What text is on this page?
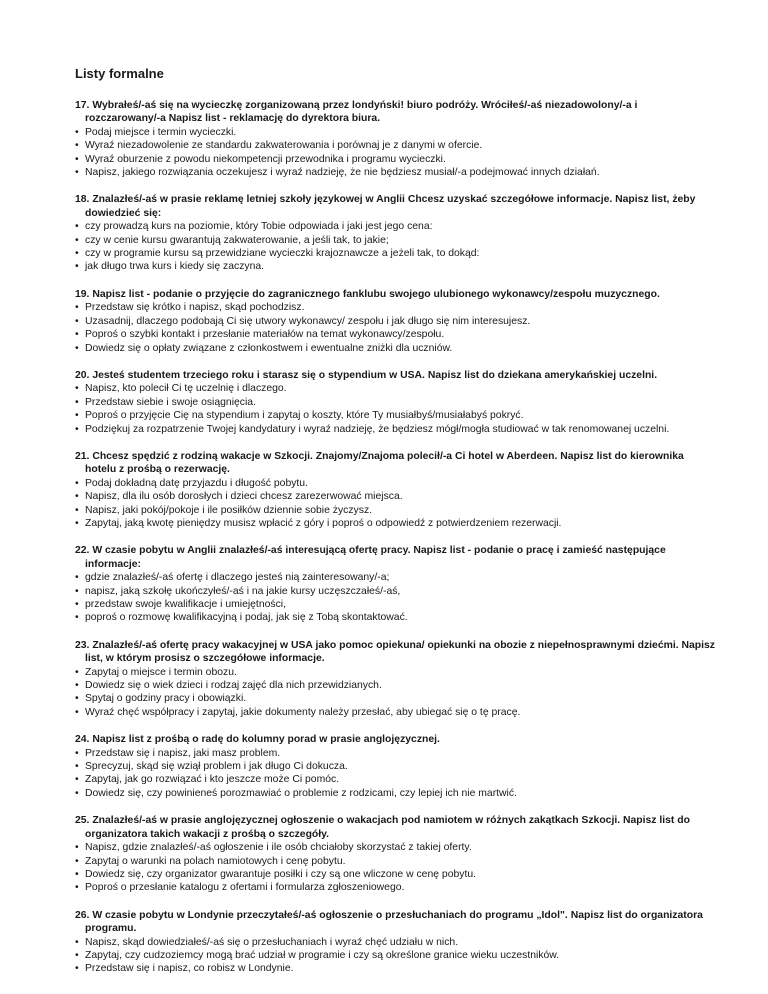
Listy formalne
17. Wybrałeś/-aś się na wycieczkę zorganizowaną przez londyński! biuro podróży. Wróciłeś/-aś niezadowolony/-a i rozczarowany/-a Napisz list - reklamację do dyrektora biura.
• Podaj miejsce i termin wycieczki.
• Wyraź niezadowolenie ze standardu zakwaterowania i porównaj je z danymi w ofercie.
• Wyraź oburzenie z powodu niekompetencji przewodnika i programu wycieczki.
• Napisz, jakiego rozwiązania oczekujesz i wyraź nadzieję, że nie będziesz musiał/-a podejmować innych działań.
18. Znalazłeś/-aś w prasie reklamę letniej szkoły językowej w Anglii Chcesz uzyskać szczegółowe informacje. Napisz list, żeby dowiedzieć się:
• czy prowadzą kurs na poziomie, który Tobie odpowiada i jaki jest jego cena:
• czy w cenie kursu gwarantują zakwaterowanie, a jeśli tak, to jakie;
• czy w programie kursu są przewidziane wycieczki krajoznawcze a jeżeli tak, to dokąd:
• jak długo trwa kurs i kiedy się zaczyna.
19. Napisz list - podanie o przyjęcie do zagranicznego fanklubu swojego ulubionego wykonawcy/zespołu muzycznego.
• Przedstaw się krótko i napisz, skąd pochodzisz.
• Uzasadnij, dlaczego podobają Ci się utwory wykonawcy/ zespołu i jak długo się nim interesujesz.
• Poproś o szybki kontakt i przesłanie materiałów na temat wykonawcy/zespołu.
• Dowiedz się o opłaty związane z członkostwem i ewentualne zniżki dla uczniów.
20. Jesteś studentem trzeciego roku i starasz się o stypendium w USA. Napisz list do dziekana amerykańskiej uczelni.
• Napisz, kto polecił Ci tę uczelnię i dlaczego.
• Przedstaw siebie i swoje osiągnięcia.
• Poproś o przyjęcie Cię na stypendium i zapytaj o koszty, które Ty musiałbyś/musiałabyś pokryć.
• Podziękuj za rozpatrzenie Twojej kandydatury i wyraź nadzieję, że będziesz mógł/mogła studiować w tak renomowanej uczelni.
21. Chcesz spędzić z rodziną wakacje w Szkocji. Znajomy/Znajoma polecił/-a Ci hotel w Aberdeen. Napisz list do kierownika hotelu z prośbą o rezerwację.
• Podaj dokładną datę przyjazdu i długość pobytu.
• Napisz, dla ilu osób dorosłych i dzieci chcesz zarezerwować miejsca.
• Napisz, jaki pokój/pokoje i ile posiłków dziennie sobie życzysz.
• Zapytaj, jaką kwotę pieniędzy musisz wpłacić z góry i poproś o odpowiedź z potwierdzeniem rezerwacji.
22. W czasie pobytu w Anglii znalazłeś/-aś interesującą ofertę pracy. Napisz list - podanie o pracę i zamieść następujące informacje:
• gdzie znalazłeś/-aś ofertę i dlaczego jesteś nią zainteresowany/-a;
• napisz, jaką szkołę ukończyłeś/-aś i na jakie kursy uczęszczałeś/-aś,
• przedstaw swoje kwalifikacje i umiejętności,
• poproś o rozmowę kwalifikacyjną i podaj, jak się z Tobą skontaktować.
23. Znalazłeś/-aś ofertę pracy wakacyjnej w USA jako pomoc opiekuna/ opiekunki na obozie z niepełnosprawnymi dziećmi. Napisz list, w którym prosisz o szczegółowe informacje.
• Zapytaj o miejsce i termin obozu.
• Dowiedz się o wiek dzieci i rodzaj zajęć dla nich przewidzianych.
• Spytaj o godziny pracy i obowiązki.
• Wyraź chęć współpracy i zapytaj, jakie dokumenty należy przesłać, aby ubiegać się o tę pracę.
24. Napisz list z prośbą o radę do kolumny porad w prasie anglojęzycznej.
• Przedstaw się i napisz, jaki masz problem.
• Sprecyzuj, skąd się wziął problem i jak długo Ci dokucza.
• Zapytaj, jak go rozwiązać i kto jeszcze może Ci pomóc.
• Dowiedz się, czy powinieneś porozmawiać o problemie z rodzicami, czy lepiej ich nie martwić.
25. Znalazłeś/-aś w prasie anglojęzycznej ogłoszenie o wakacjach pod namiotem w różnych zakątkach Szkocji. Napisz list do organizatora takich wakacji z prośbą o szczegóły.
• Napisz, gdzie znalazłeś/-aś ogłoszenie i ile osób chciałoby skorzystać z takiej oferty.
• Zapytaj o warunki na polach namiotowych i cenę pobytu.
• Dowiedz się, czy organizator gwarantuje posiłki i czy są one wliczone w cenę pobytu.
• Poproś o przesłanie katalogu z ofertami i formularza zgłoszeniowego.
26. W czasie pobytu w Londynie przeczytałeś/-aś ogłoszenie o przesłuchaniach do programu „Idol". Napisz list do organizatora programu.
• Napisz, skąd dowiedziałeś/-aś się o przesłuchaniach i wyraź chęć udziału w nich.
• Zapytaj, czy cudzoziemcy mogą brać udział w programie i czy są określone granice wieku uczestników.
• Przedstaw się i napisz, co robisz w Londynie.
